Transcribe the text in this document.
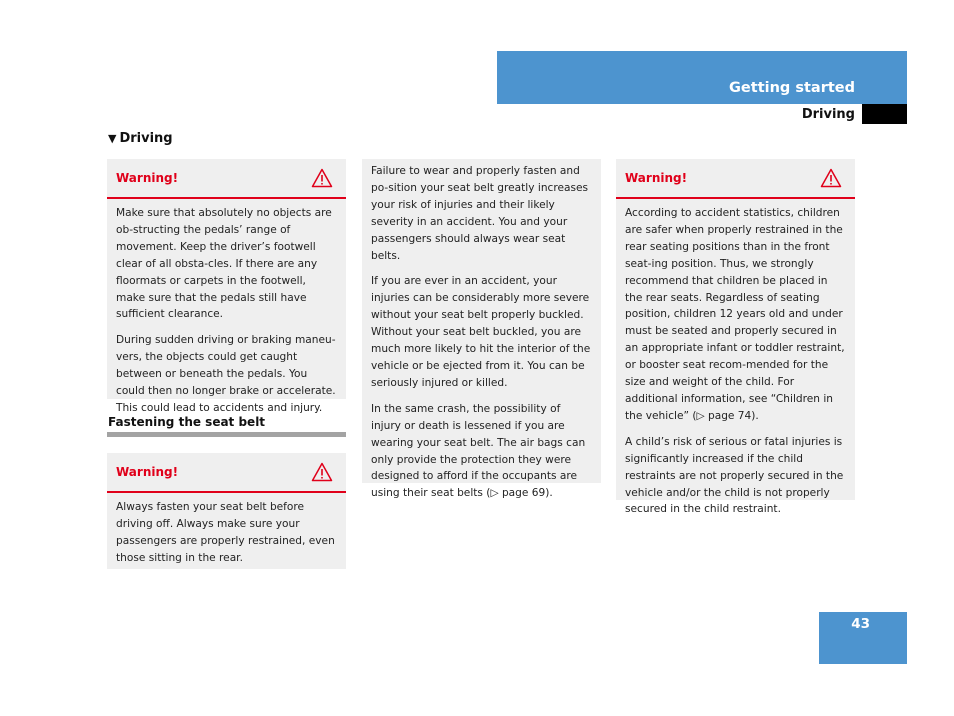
Getting started
Driving
▼ Driving
Warning!

Make sure that absolutely no objects are ob-structing the pedals’ range of movement. Keep the driver’s footwell clear of all obsta-cles. If there are any floormats or carpets in the footwell, make sure that the pedals still have sufficient clearance.

During sudden driving or braking maneu-vers, the objects could get caught between or beneath the pedals. You could then no longer brake or accelerate. This could lead to accidents and injury.

Fastening the seat belt
Warning!

Always fasten your seat belt before driving off. Always make sure your passengers are properly restrained, even those sitting in the rear.

Failure to wear and properly fasten and po-sition your seat belt greatly increases your risk of injuries and their likely severity in an accident. You and your passengers should always wear seat belts.

If you are ever in an accident, your injuries can be considerably more severe without your seat belt properly buckled. Without your seat belt buckled, you are much more likely to hit the interior of the vehicle or be ejected from it. You can be seriously injured or killed.

In the same crash, the possibility of injury or death is lessened if you are wearing your seat belt. The air bags can only provide the protection they were designed to afford if the occupants are using their seat belts (▷ page 69).

Warning!

According to accident statistics, children are safer when properly restrained in the rear seating positions than in the front seat-ing position. Thus, we strongly recommend that children be placed in the rear seats. Regardless of seating position, children 12 years old and under must be seated and properly secured in an appropriate infant or toddler restraint, or booster seat recom-mended for the size and weight of the child. For additional information, see “Children in the vehicle” (▷ page 74).

A child’s risk of serious or fatal injuries is significantly increased if the child restraints are not properly secured in the vehicle and/or the child is not properly secured in the child restraint.

43
